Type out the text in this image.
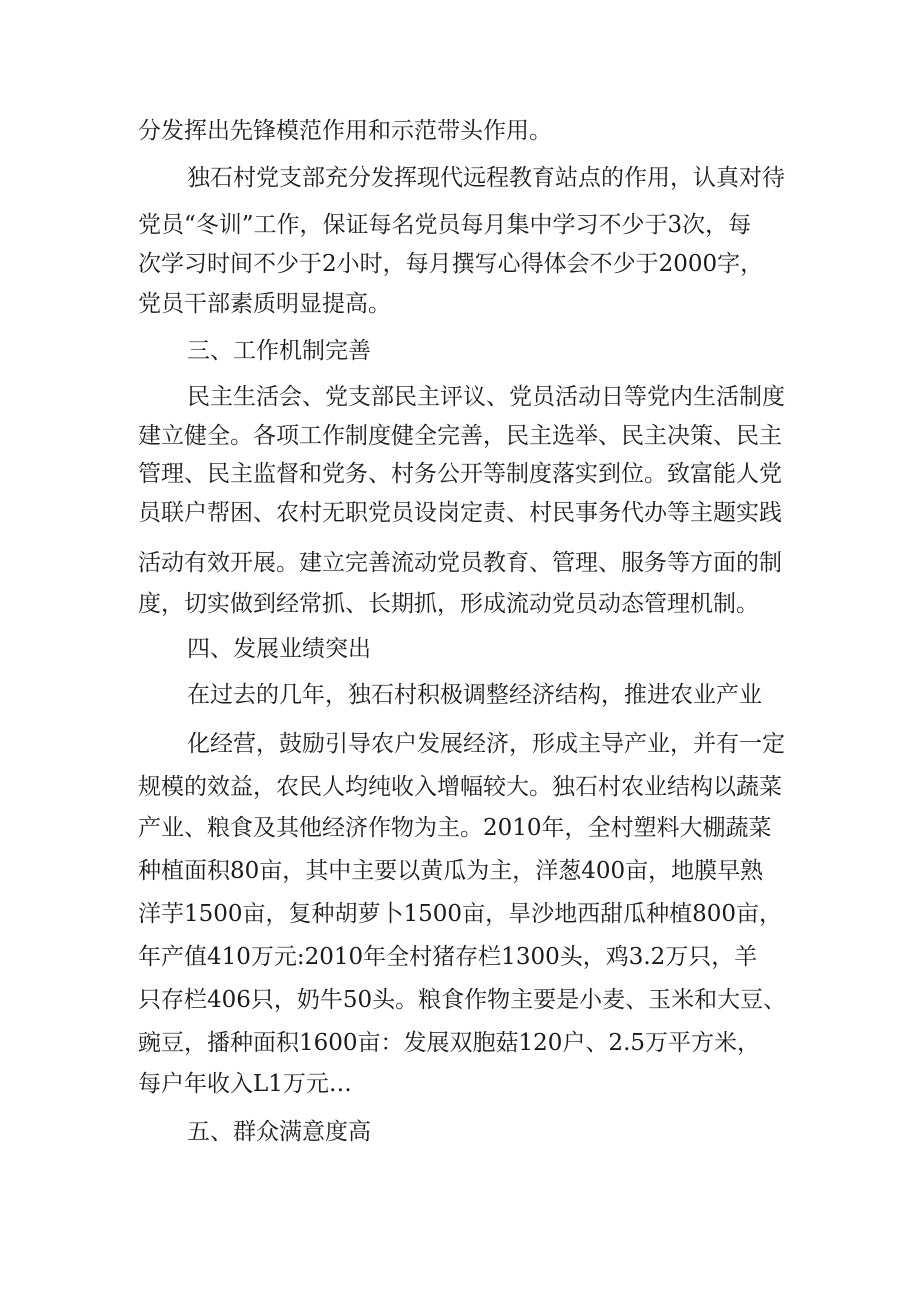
分发挥出先锋模范作用和示范带头作用。
独石村党支部充分发挥现代远程教育站点的作用，认真对待
党员“冬训”工作，保证每名党员每月集中学习不少于3次，每
次学习时间不少于2小时，每月撰写心得体会不少于2000字，
党员干部素质明显提高。
三、工作机制完善
民主生活会、党支部民主评议、党员活动日等党内生活制度
建立健全。各项工作制度健全完善，民主选举、民主决策、民主
管理、民主监督和党务、村务公开等制度落实到位。致富能人党
员联户帮困、农村无职党员设岗定责、村民事务代办等主题实践
活动有效开展。建立完善流动党员教育、管理、服务等方面的制
度，切实做到经常抓、长期抓，形成流动党员动态管理机制。
四、发展业绩突出
在过去的几年，独石村积极调整经济结构，推进农业产业
化经营，鼓励引导农户发展经济，形成主导产业，并有一定
规模的效益，农民人均纯收入增幅较大。独石村农业结构以蔬菜
产业、粮食及其他经济作物为主。2010年，全村塑料大棚蔬菜
种植面积80亩，其中主要以黄瓜为主，洋葱400亩，地膜早熟
洋芋1500亩，复种胡萝卜1500亩，旱沙地西甜瓜种植800亩，
年产值410万元:2010年全村猪存栏1300头，鸡3.2万只，羊
只存栏406只，奶牛50头。粮食作物主要是小麦、玉米和大豆、
豌豆，播种面积1600亩：发展双胞菇120户、2.5万平方米，
每户年收入L1万元…
五、群众满意度高
